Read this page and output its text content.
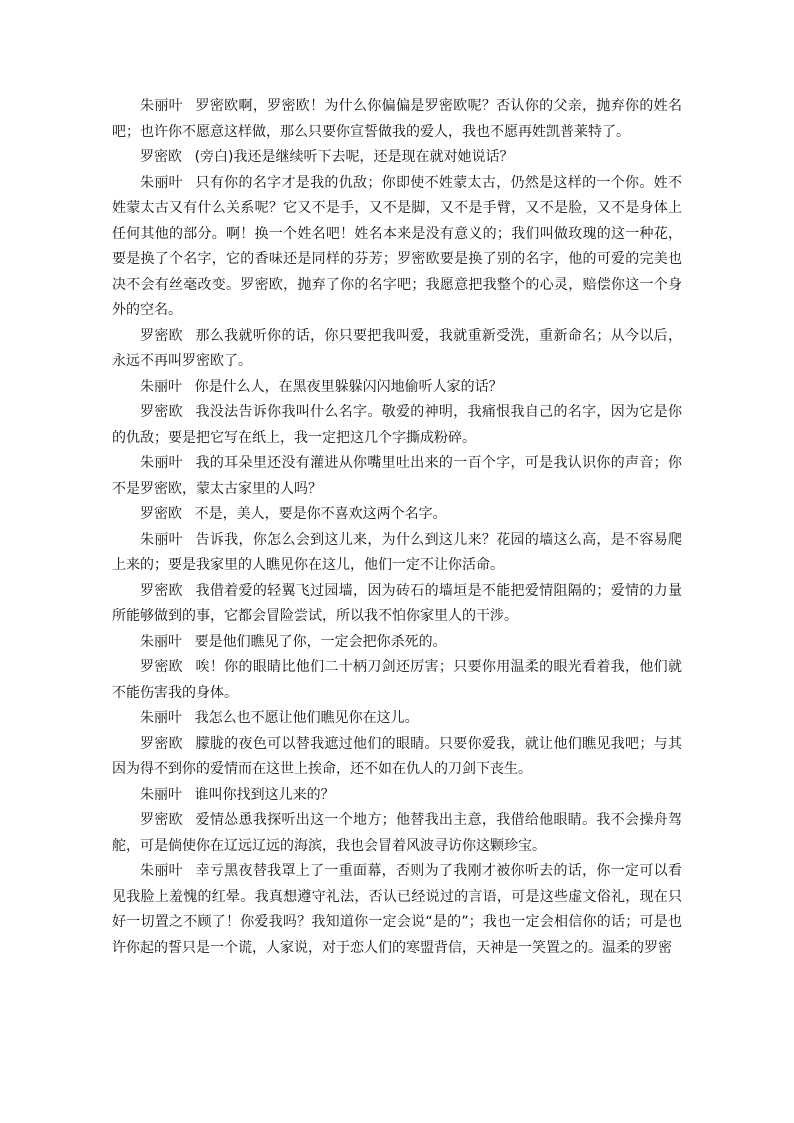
朱丽叶 罗密欧啊，罗密欧！为什么你偏偏是罗密欧呢？否认你的父亲，抛弃你的姓名吧；也许你不愿意这样做，那么只要你宣誓做我的爱人，我也不愿再姓凯普莱特了。

罗密欧 (旁白)我还是继续听下去呢，还是现在就对她说话？

朱丽叶 只有你的名字才是我的仇敌；你即使不姓蒙太古，仍然是这样的一个你。姓不姓蒙太古又有什么关系呢？它又不是手，又不是脚，又不是手臂，又不是脸，又不是身体上任何其他的部分。啊！换一个姓名吧！姓名本来是没有意义的；我们叫做玫瑰的这一种花，要是换了个名字，它的香味还是同样的芬芳；罗密欧要是换了别的名字，他的可爱的完美也决不会有丝毫改变。罗密欧，抛弃了你的名字吧；我愿意把我整个的心灵，赔偿你这一个身外的空名。

罗密欧 那么我就听你的话，你只要把我叫爱，我就重新受洗，重新命名；从今以后，永远不再叫罗密欧了。

朱丽叶 你是什么人，在黑夜里躲躲闪闪地偷听人家的话？

罗密欧 我没法告诉你我叫什么名字。敬爱的神明，我痛恨我自己的名字，因为它是你的仇敌；要是把它写在纸上，我一定把这几个字撕成粉碎。

朱丽叶 我的耳朵里还没有灌进从你嘴里吐出来的一百个字，可是我认识你的声音；你不是罗密欧，蒙太古家里的人吗？

罗密欧 不是，美人，要是你不喜欢这两个名字。

朱丽叶 告诉我，你怎么会到这儿来，为什么到这儿来？花园的墙这么高，是不容易爬上来的；要是我家里的人瞧见你在这儿，他们一定不让你活命。

罗密欧 我借着爱的轻翼飞过园墙，因为砖石的墙垣是不能把爱情阻隔的；爱情的力量所能够做到的事，它都会冒险尝试，所以我不怕你家里人的干涉。

朱丽叶 要是他们瞧见了你，一定会把你杀死的。

罗密欧 唉！你的眼睛比他们二十柄刀剑还厉害；只要你用温柔的眼光看着我，他们就不能伤害我的身体。

朱丽叶 我怎么也不愿让他们瞧见你在这儿。

罗密欧 朦胧的夜色可以替我遮过他们的眼睛。只要你爱我，就让他们瞧见我吧；与其因为得不到你的爱情而在这世上挨命，还不如在仇人的刀剑下丧生。

朱丽叶 谁叫你找到这儿来的？

罗密欧 爱情怂恿我探听出这一个地方；他替我出主意，我借给他眼睛。我不会操舟驾舵，可是倘使你在辽远辽远的海滨，我也会冒着风波寻访你这颗珍宝。

朱丽叶 幸亏黑夜替我罩上了一重面幕，否则为了我刚才被你听去的话，你一定可以看见我脸上羞愧的红晕。我真想遵守礼法，否认已经说过的言语，可是这些虚文俗礼，现在只好一切置之不顾了！你爱我吗？我知道你一定会说“是的”；我也一定会相信你的话；可是也许你起的誓只是一个谎，人家说，对于恋人们的寒盟背信，天神是一笑置之的。温柔的罗密
